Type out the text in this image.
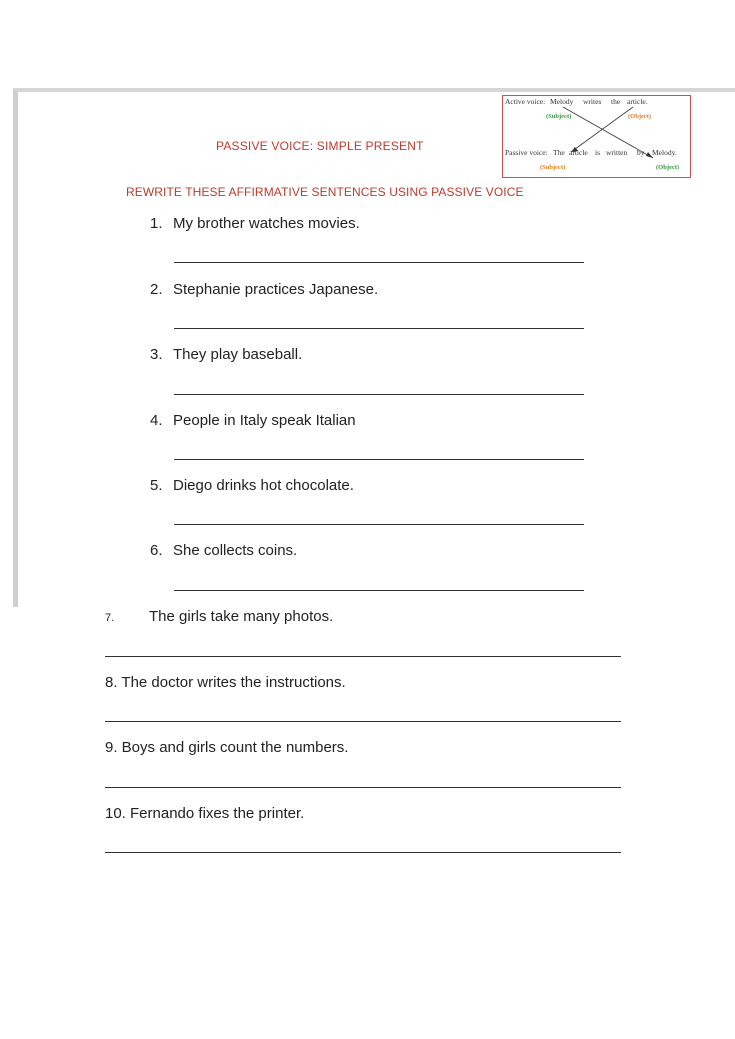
PASSIVE VOICE: SIMPLE PRESENT
REWRITE THESE AFFIRMATIVE SENTENCES USING PASSIVE VOICE
Active voice: Melody writes the article.
(Subject)	(Object)
Passive voice: The article is written by Melody.
(Subject)	(Object)
1. My brother watches movies.
2. Stephanie practices Japanese.
3. They play baseball.
4. People in Italy speak Italian
5. Diego drinks hot chocolate.
6. She collects coins.
7. The girls take many photos.
8. The doctor writes the instructions.
9. Boys and girls count the numbers.
10. Fernando fixes the printer.
